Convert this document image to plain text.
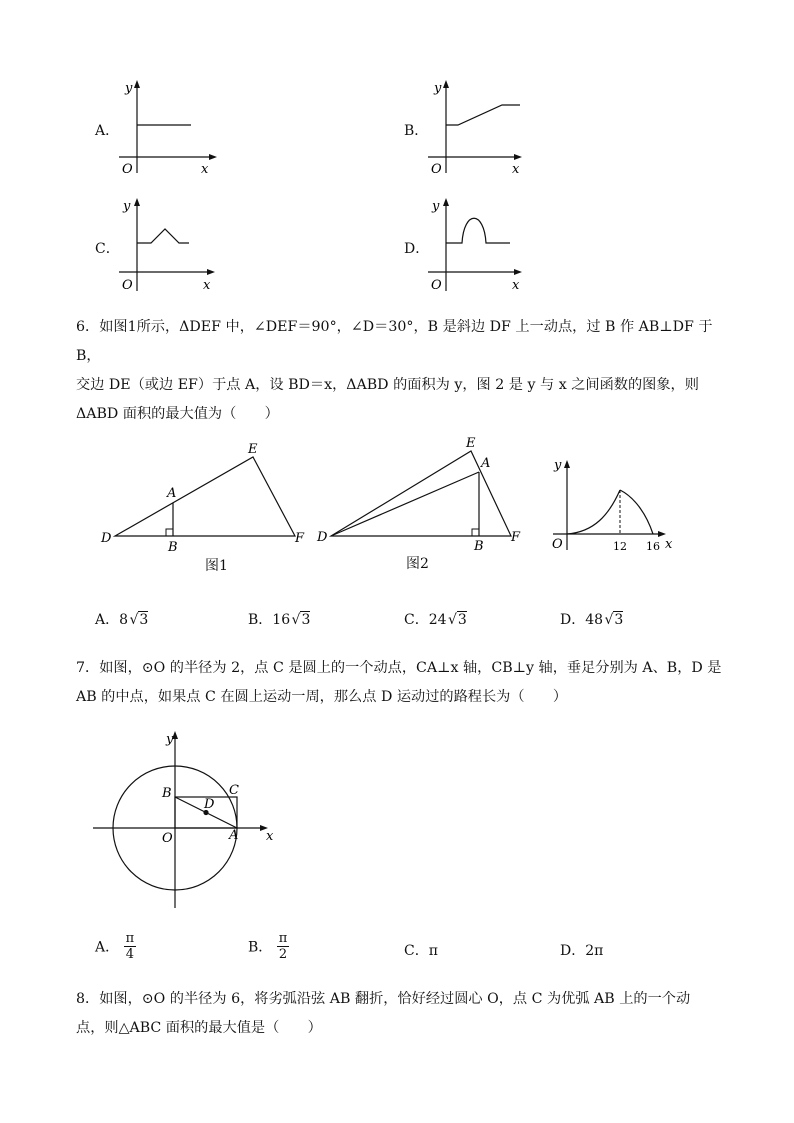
A．
y
O	x
B．
y
O	x
C．
y
O	x
D．
y
O	x
6．如图1所示，ΔDEF 中，∠DEF＝90°，∠D＝30°，B 是斜边 DF 上一动点，过 B 作 AB⊥DF 于 B，
交边 DE（或边 EF）于点 A，设 BD＝x，ΔABD 的面积为 y，图 2 是 y 与 x 之间函数的图象，则
ΔABD 面积的最大值为（　　）
D
E
A
B
F
图1
D
E
A
B
F
图2
y
O	12 16 x
A．8 √3	B．16 √3	C．24 √3	D．48 √3
7．如图，⊙O 的半径为 2，点 C 是圆上的一个动点，CA⊥x 轴，CB⊥y 轴，垂足分别为 A、B，D 是
AB 的中点，如果点 C 在圆上运动一周，那么点 D 运动过的路程长为（　　）
y
x
O	A
B	C
D
A． $\frac{\pi}{4}$	B． $\frac{\pi}{2}$	C．π	D．2π
8．如图，⊙O 的半径为 6，将劣弧沿弦 AB 翻折，恰好经过圆心 O，点 C 为优弧 AB 上的一个动
点，则△ABC 面积的最大值是（　　）
